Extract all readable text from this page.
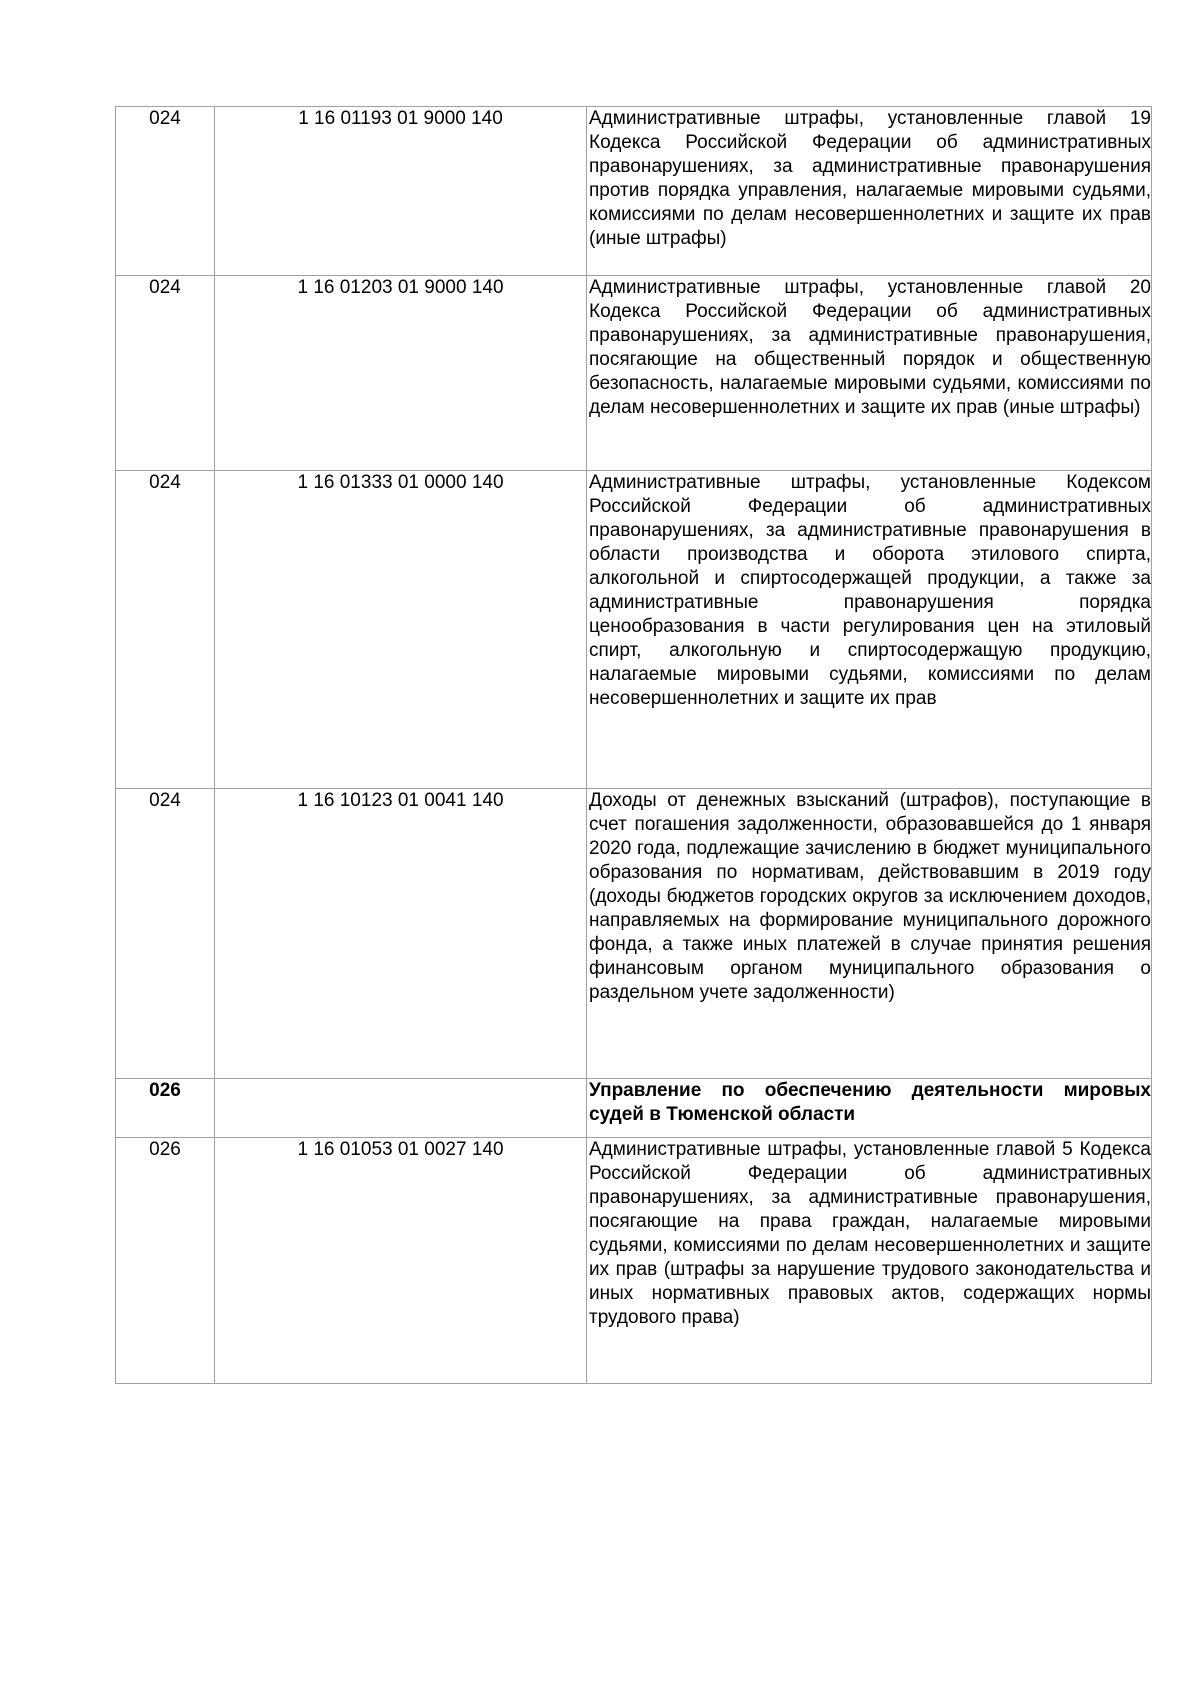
024	1 16 01193 01 9000 140	Административные штрафы, установленные главой 19 Кодекса Российской Федерации об административных правонарушениях, за административные правонарушения против порядка управления, налагаемые мировыми судьями, комиссиями по делам несовершеннолетних и защите их прав (иные штрафы)

024	1 16 01203 01 9000 140	Административные штрафы, установленные главой 20 Кодекса Российской Федерации об административных правонарушениях, за административные правонарушения, посягающие на общественный порядок и общественную безопасность, налагаемые мировыми судьями, комиссиями по делам несовершеннолетних и защите их прав (иные штрафы)

024	1 16 01333 01 0000 140	Административные штрафы, установленные Кодексом Российской Федерации об административных правонарушениях, за административные правонарушения в области производства и оборота этилового спирта, алкогольной и спиртосодержащей продукции, а также за административные правонарушения порядка ценообразования в части регулирования цен на этиловый спирт, алкогольную и спиртосодержащую продукцию, налагаемые мировыми судьями, комиссиями по делам несовершеннолетних и защите их прав

024	1 16 10123 01 0041 140	Доходы от денежных взысканий (штрафов), поступающие в счет погашения задолженности, образовавшейся до 1 января 2020 года, подлежащие зачислению в бюджет муниципального образования по нормативам, действовавшим в 2019 году (доходы бюджетов городских округов за исключением доходов, направляемых на формирование муниципального дорожного фонда, а также иных платежей в случае принятия решения финансовым органом муниципального образования о раздельном учете задолженности)

026		Управление по обеспечению деятельности мировых судей в Тюменской области

026	1 16 01053 01 0027 140	Административные штрафы, установленные главой 5 Кодекса Российской Федерации об административных правонарушениях, за административные правонарушения, посягающие на права граждан, налагаемые мировыми судьями, комиссиями по делам несовершеннолетних и защите их прав (штрафы за нарушение трудового законодательства и иных нормативных правовых актов, содержащих нормы трудового права)
